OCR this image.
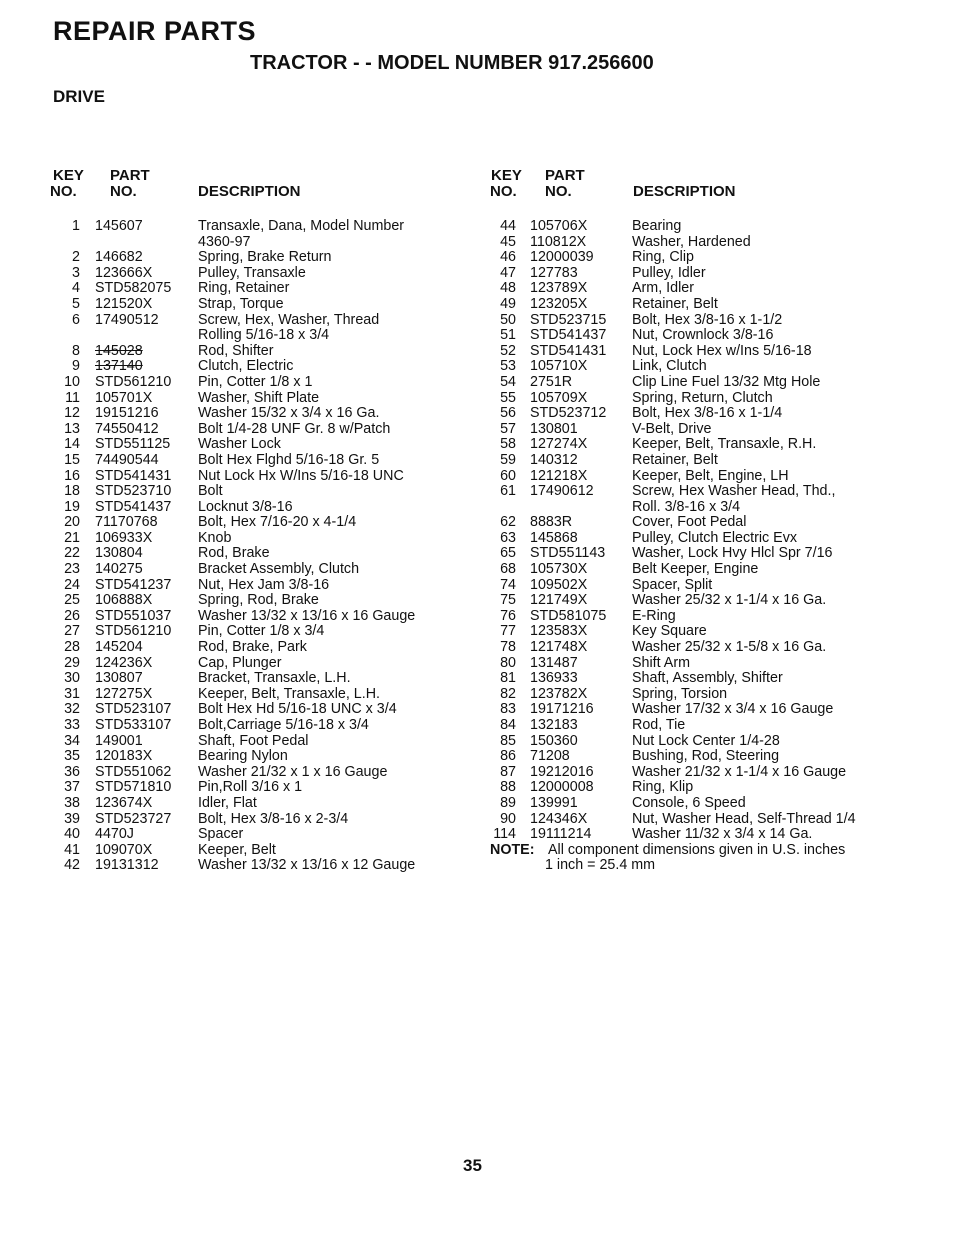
REPAIR PARTS
TRACTOR - - MODEL NUMBER 917.256600
DRIVE
KEY
NO.
PART
NO.	DESCRIPTION
1	145607	Transaxle, Dana, Model Number
4360-97
2	146682	Spring, Brake Return
3	123666X	Pulley, Transaxle
4	STD582075	Ring, Retainer
5	121520X	Strap, Torque
6	17490512	Screw, Hex, Washer, Thread
Rolling 5/16-18 x 3/4
8	145028	Rod, Shifter
9	137140	Clutch, Electric
10	STD561210	Pin, Cotter 1/8 x 1
11	105701X	Washer, Shift Plate
12	19151216	Washer 15/32 x 3/4 x 16 Ga.
13	74550412	Bolt 1/4-28 UNF Gr. 8 w/Patch
14	STD551125	Washer Lock
15	74490544	Bolt Hex Flghd 5/16-18 Gr. 5
16	STD541431	Nut Lock Hx W/Ins 5/16-18 UNC
18	STD523710	Bolt
19	STD541437	Locknut 3/8-16
20	71170768	Bolt, Hex 7/16-20 x 4-1/4
21	106933X	Knob
22	130804	Rod, Brake
23	140275	Bracket Assembly, Clutch
24	STD541237	Nut, Hex Jam 3/8-16
25	106888X	Spring, Rod, Brake
26	STD551037	Washer 13/32 x 13/16 x 16 Gauge
27	STD561210	Pin, Cotter 1/8 x 3/4
28	145204	Rod, Brake, Park
29	124236X	Cap, Plunger
30	130807	Bracket, Transaxle, L.H.
31	127275X	Keeper, Belt, Transaxle, L.H.
32	STD523107	Bolt Hex Hd 5/16-18 UNC x 3/4
33	STD533107	Bolt,Carriage 5/16-18 x 3/4
34	149001	Shaft, Foot Pedal
35	120183X	Bearing Nylon
36	STD551062	Washer 21/32 x 1 x 16 Gauge
37	STD571810	Pin,Roll 3/16 x 1
38	123674X	Idler, Flat
39	STD523727	Bolt, Hex 3/8-16 x 2-3/4
40	4470J	Spacer
41	109070X	Keeper, Belt
42	19131312	Washer 13/32 x 13/16 x 12 Gauge
KEY
NO.
PART
NO.	DESCRIPTION
44 105706X	Bearing
45 110812X	Washer, Hardened
46 12000039	Ring, Clip
47 127783	Pulley, Idler
48 123789X	Arm, Idler
49 123205X	Retainer, Belt
50 STD523715	Bolt, Hex 3/8-16 x 1-1/2
51 STD541437	Nut, Crownlock 3/8-16
52 STD541431	Nut, Lock Hex w/Ins 5/16-18
53 105710X	Link, Clutch
54 2751R	Clip Line Fuel 13/32 Mtg Hole
55 105709X	Spring, Return, Clutch
56 STD523712	Bolt, Hex 3/8-16 x 1-1/4
57 130801	V-Belt, Drive
58 127274X	Keeper, Belt, Transaxle, R.H.
59 140312	Retainer, Belt
60 121218X	Keeper, Belt, Engine, LH
61 17490612	Screw, Hex Washer Head, Thd.,
Roll. 3/8-16 x 3/4
62 8883R	Cover, Foot Pedal
63 145868	Pulley, Clutch Electric Evx
65 STD551143	Washer, Lock Hvy Hlcl Spr 7/16
68 105730X	Belt Keeper, Engine
74 109502X	Spacer, Split
75 121749X	Washer 25/32 x 1-1/4 x 16 Ga.
76 STD581075	E-Ring
77 123583X	Key Square
78 121748X	Washer 25/32 x 1-5/8 x 16 Ga.
80 131487	Shift Arm
81 136933	Shaft, Assembly, Shifter
82 123782X	Spring, Torsion
83 19171216	Washer 17/32 x 3/4 x 16 Gauge
84 132183	Rod, Tie
85 150360	Nut Lock Center 1/4-28
86 71208	Bushing, Rod, Steering
87 19212016	Washer 21/32 x 1-1/4 x 16 Gauge
88 12000008	Ring, Klip
89 139991	Console, 6 Speed
90 124346X	Nut, Washer Head, Self-Thread 1/4
114 19111214	Washer 11/32 x 3/4 x 14 Ga.
NOTE: All component dimensions given in U.S. inches
1 inch = 25.4 mm
35
